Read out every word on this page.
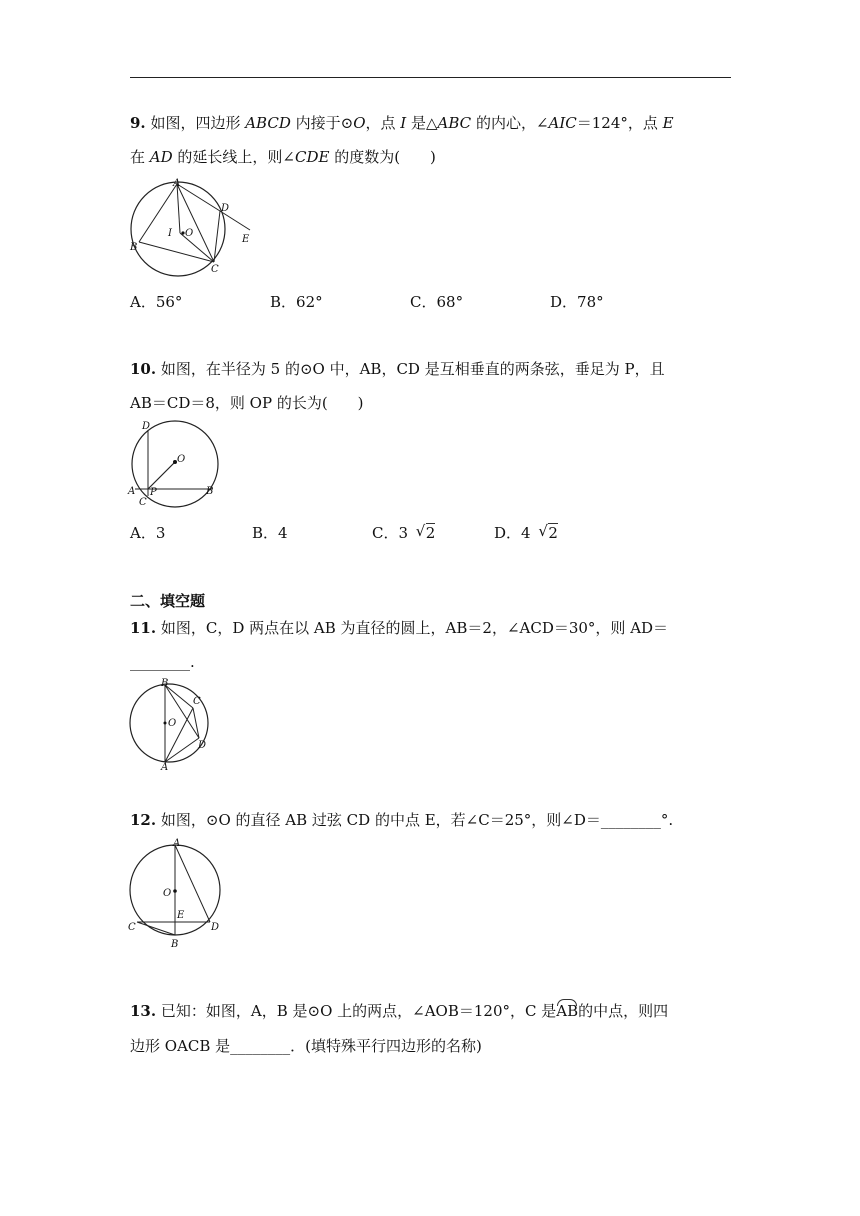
9. 如图，四边形 ABCD 内接于⊙O，点 I 是△ABC 的内心，∠AIC＝124°，点 E
在 AD 的延长线上，则∠CDE 的度数为(　　)
A
D
I O
E
B
C
A．56°	B．62°	C．68°	D．78°
10. 如图，在半径为 5 的⊙O 中，AB，CD 是互相垂直的两条弦，垂足为 P，且
AB＝CD＝8，则 OP 的长为(　　)
D
O
A P	B
C
A．3	B．4	C．3 √ 2	D．4 √ 2
二、填空题
11. 如图，C，D 两点在以 AB 为直径的圆上，AB＝2，∠ACD＝30°，则 AD＝
________.
B
C
O
D
A
12. 如图，⊙O 的直径 AB 过弦 CD 的中点 E，若∠C＝25°，则∠D＝________°.
A
O
E
C	D
B
13. 已知：如图，A，B 是⊙O 上的两点，∠AOB＝120°，C 是AB的中点，则四
边形 OACB 是________．(填特殊平行四边形的名称)
